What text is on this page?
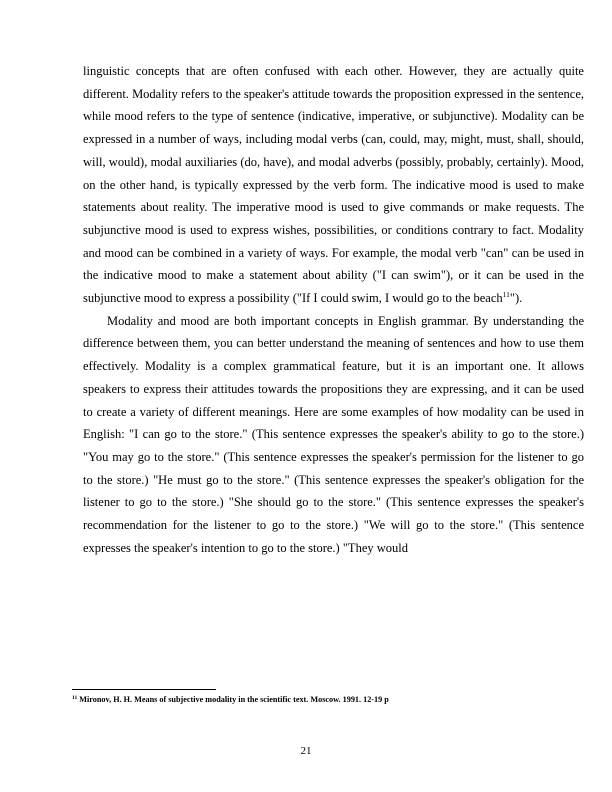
linguistic concepts that are often confused with each other. However, they are actually quite different. Modality refers to the speaker's attitude towards the proposition expressed in the sentence, while mood refers to the type of sentence (indicative, imperative, or subjunctive). Modality can be expressed in a number of ways, including modal verbs (can, could, may, might, must, shall, should, will, would), modal auxiliaries (do, have), and modal adverbs (possibly, probably, certainly). Mood, on the other hand, is typically expressed by the verb form. The indicative mood is used to make statements about reality. The imperative mood is used to give commands or make requests. The subjunctive mood is used to express wishes, possibilities, or conditions contrary to fact. Modality and mood can be combined in a variety of ways. For example, the modal verb "can" can be used in the indicative mood to make a statement about ability ("I can swim"), or it can be used in the subjunctive mood to express a possibility ("If I could swim, I would go to the beach$^{11}$").

Modality and mood are both important concepts in English grammar. By understanding the difference between them, you can better understand the meaning of sentences and how to use them effectively. Modality is a complex grammatical feature, but it is an important one. It allows speakers to express their attitudes towards the propositions they are expressing, and it can be used to create a variety of different meanings. Here are some examples of how modality can be used in English: "I can go to the store." (This sentence expresses the speaker's ability to go to the store.) "You may go to the store." (This sentence expresses the speaker's permission for the listener to go to the store.) "He must go to the store." (This sentence expresses the speaker's obligation for the listener to go to the store.) "She should go to the store." (This sentence expresses the speaker's recommendation for the listener to go to the store.) "We will go to the store." (This sentence expresses the speaker's intention to go to the store.) "They would

$^{11}$ Mironov, H. H. Means of subjective modality in the scientific text. Moscow. 1991. 12-19 p
21
